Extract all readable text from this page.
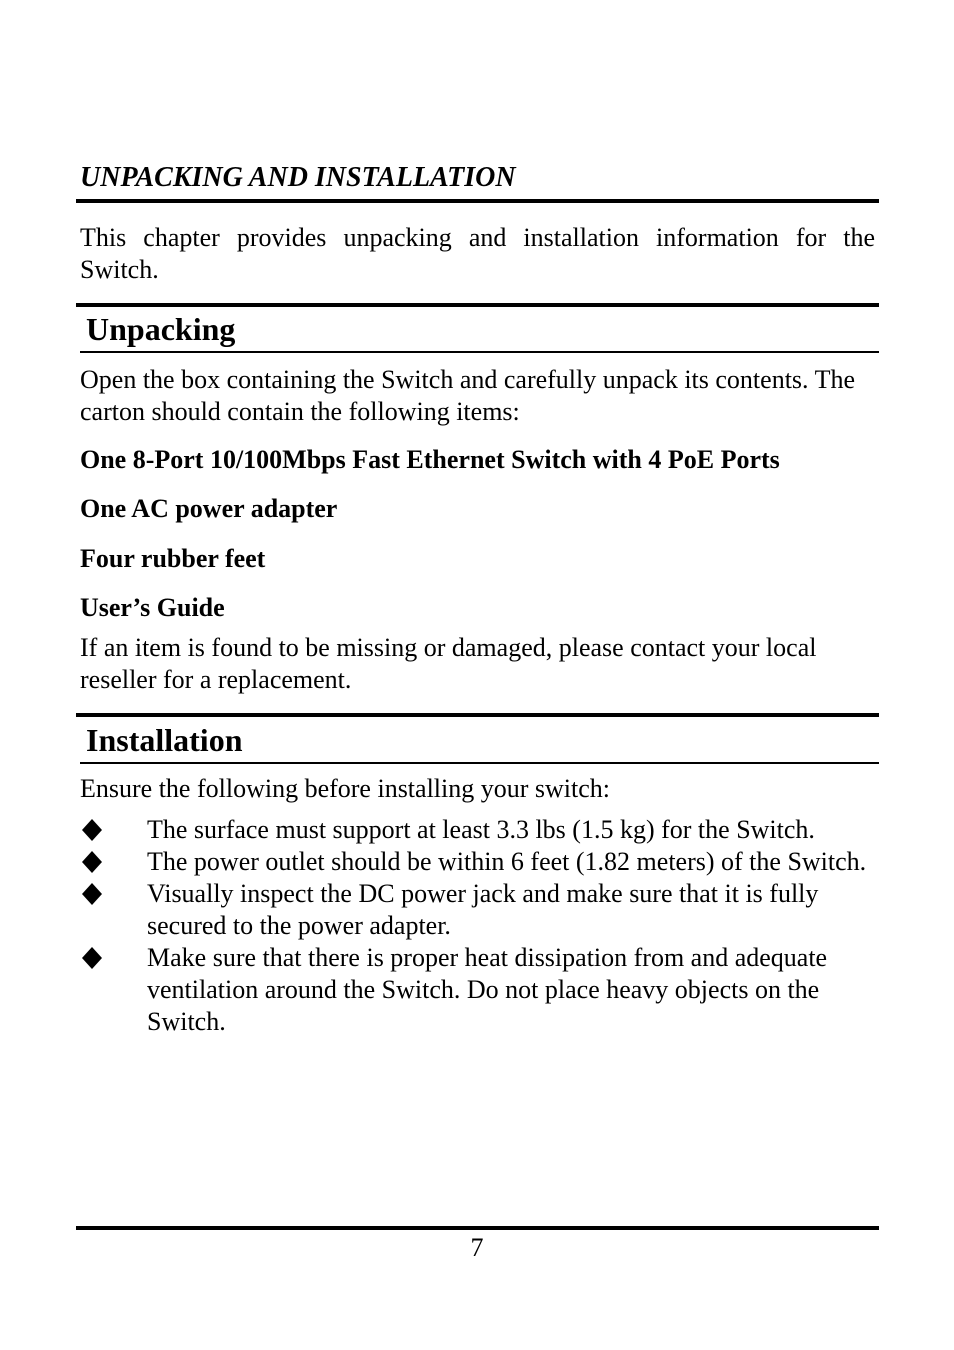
UNPACKING AND INSTALLATION

This chapter provides unpacking and installation information for the Switch.

Unpacking

Open the box containing the Switch and carefully unpack its contents. The carton should contain the following items:

One 8-Port 10/100Mbps Fast Ethernet Switch with 4 PoE Ports

One AC power adapter

Four rubber feet

User’s Guide

If an item is found to be missing or damaged, please contact your local reseller for a replacement.

Installation

Ensure the following before installing your switch:

The surface must support at least 3.3 lbs (1.5 kg) for the Switch.
The power outlet should be within 6 feet (1.82 meters) of the Switch.
Visually inspect the DC power jack and make sure that it is fully secured to the power adapter.
Make sure that there is proper heat dissipation from and adequate ventilation around the Switch. Do not place heavy objects on the Switch.
7
